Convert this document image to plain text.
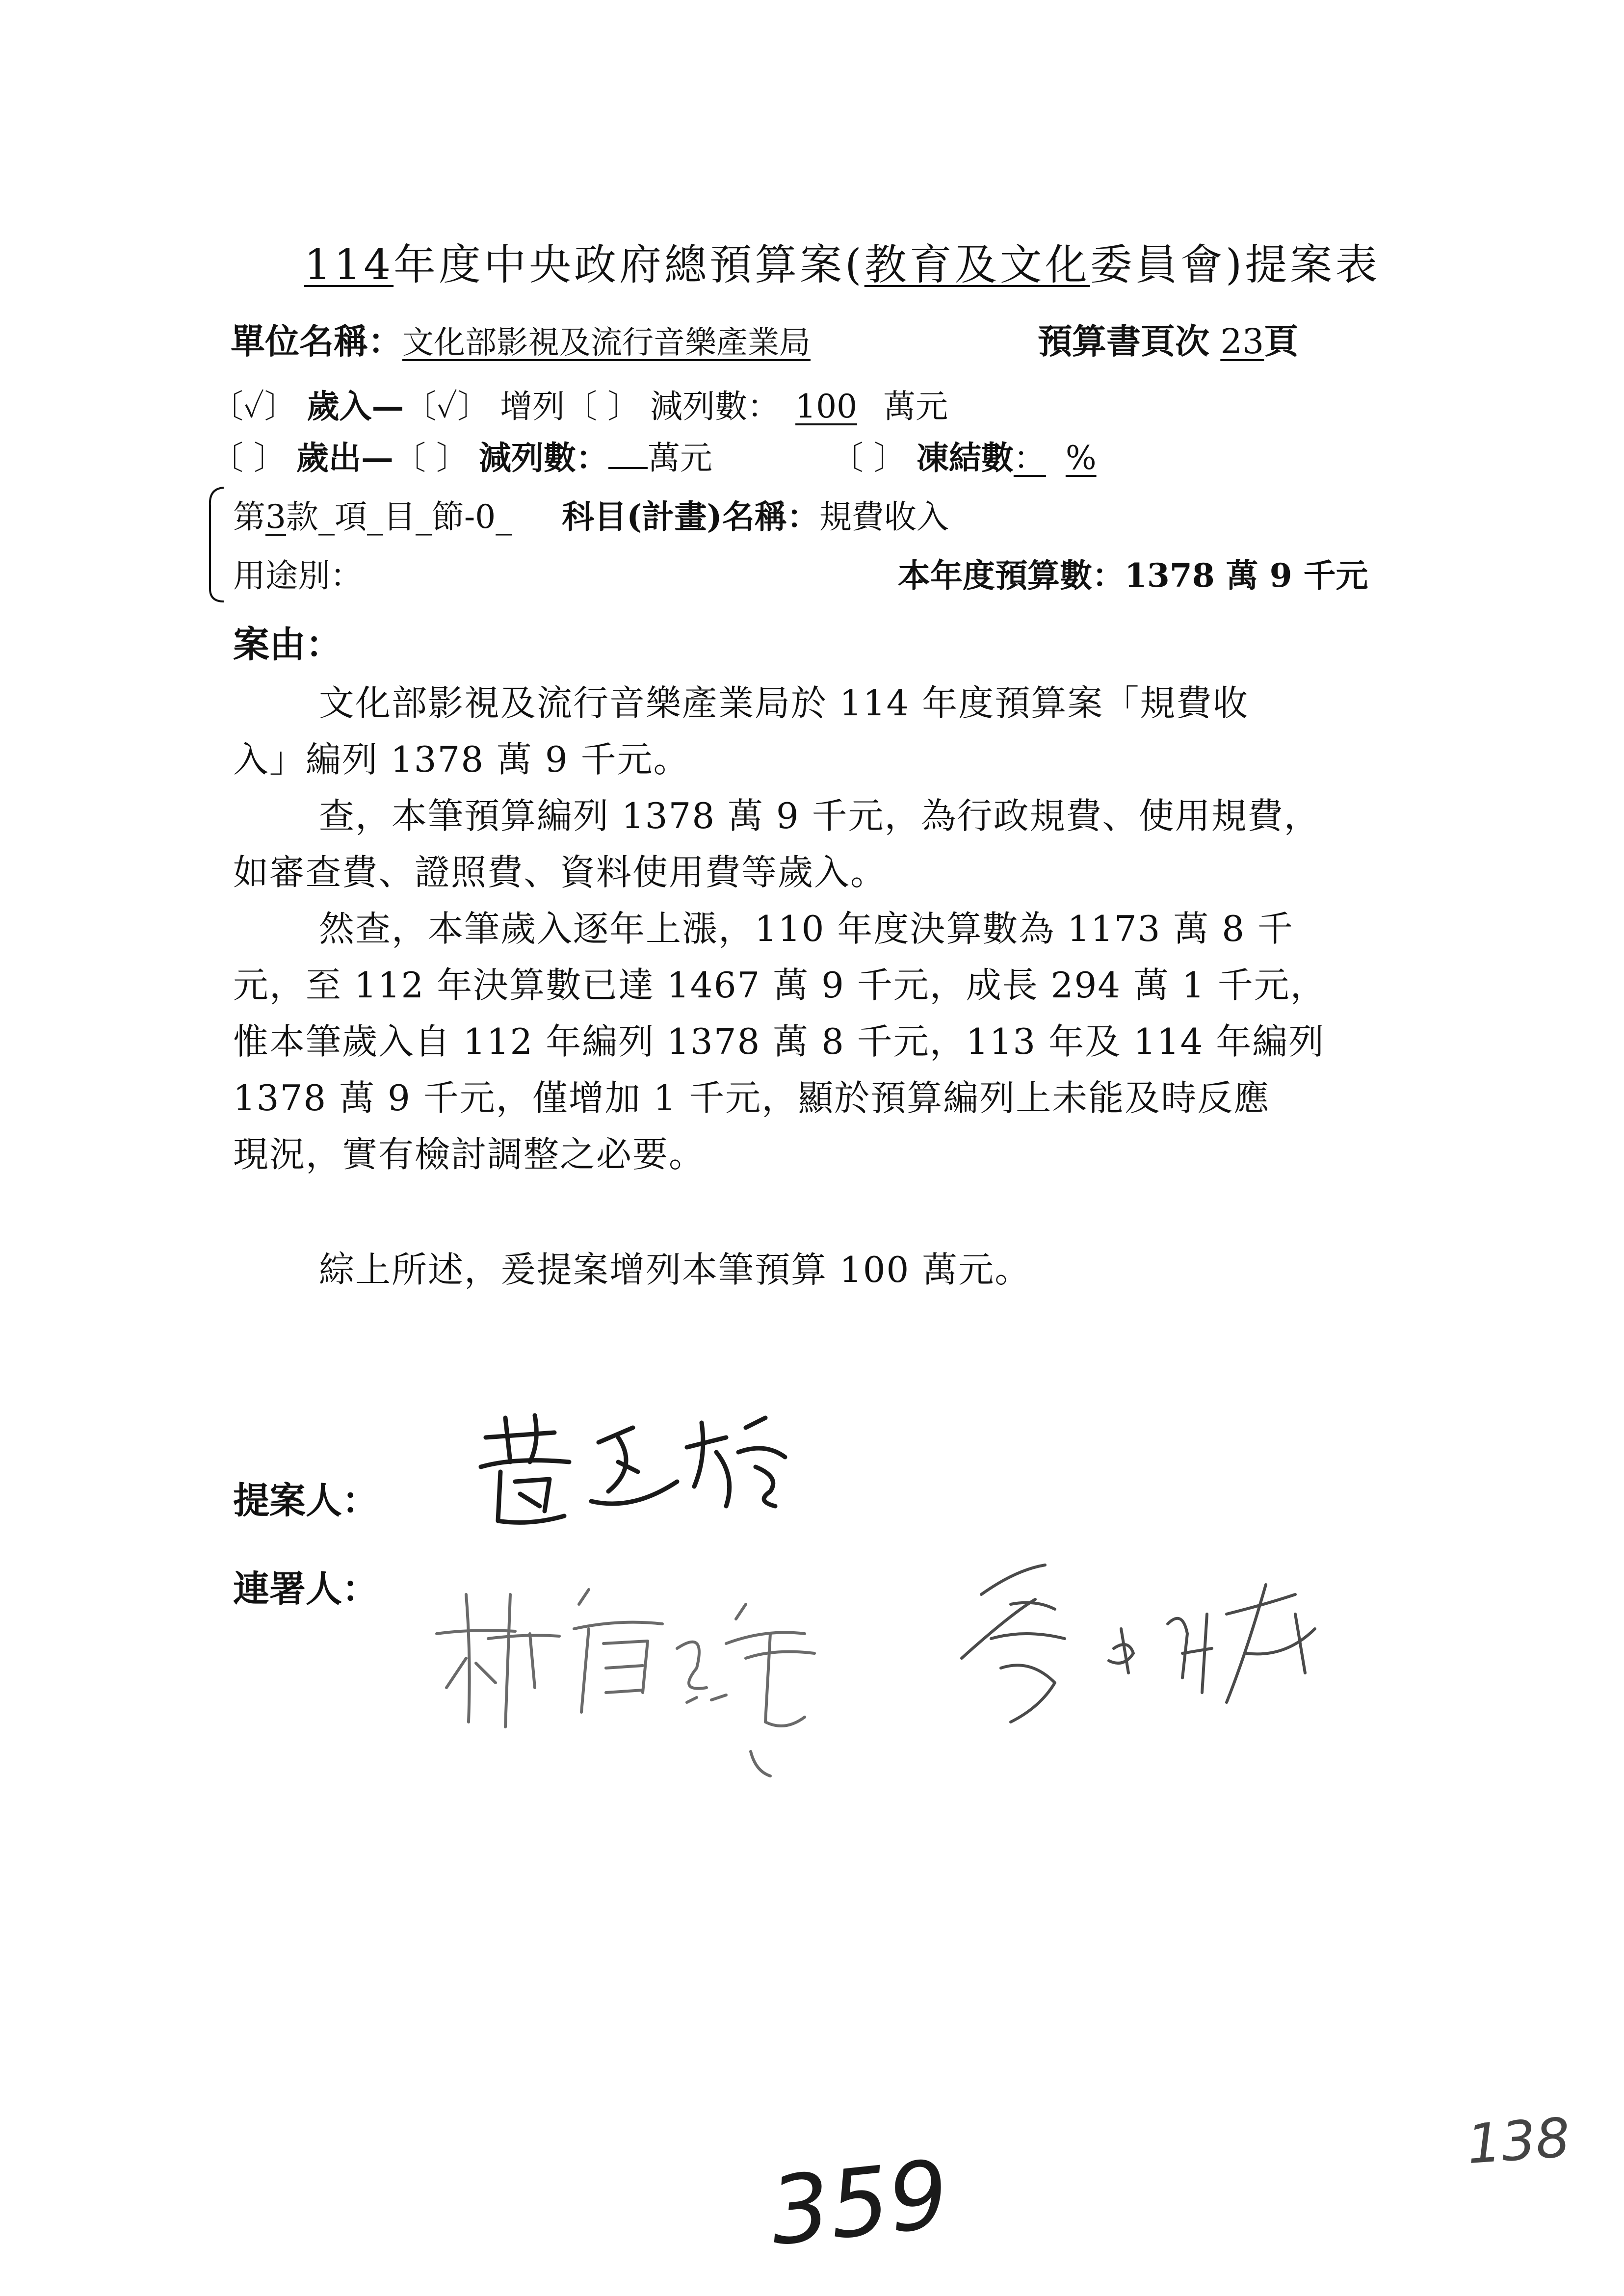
114年度中央政府總預算案(教育及文化委員會)提案表
單位名稱：文化部影視及流行音樂產業局	預算書頁次 23頁
〔✓〕 歲入—〔✓〕 增列〔 〕 減列數： 100 萬元
〔 〕 歲出—〔 〕 減列數： 萬元	〔 〕 凍結數： %
第3款_項_目_節-0_ 科目(計畫)名稱：規費收入
用途別：	本年度預算數：1378 萬 9 千元
案由：
文化部影視及流行音樂產業局於 114 年度預算案「規費收
入」編列 1378 萬 9 千元。
查，本筆預算編列 1378 萬 9 千元，為行政規費、使用規費，
如審查費、證照費、資料使用費等歲入。
然查，本筆歲入逐年上漲，110 年度決算數為 1173 萬 8 千
元，至 112 年決算數已達 1467 萬 9 千元，成長 294 萬 1 千元，
惟本筆歲入自 112 年編列 1378 萬 8 千元，113 年及 114 年編列
1378 萬 9 千元，僅增加 1 千元，顯於預算編列上未能及時反應
現況，實有檢討調整之必要。
綜上所述，爰提案增列本筆預算 100 萬元。
提案人：
連署人：
359	138
